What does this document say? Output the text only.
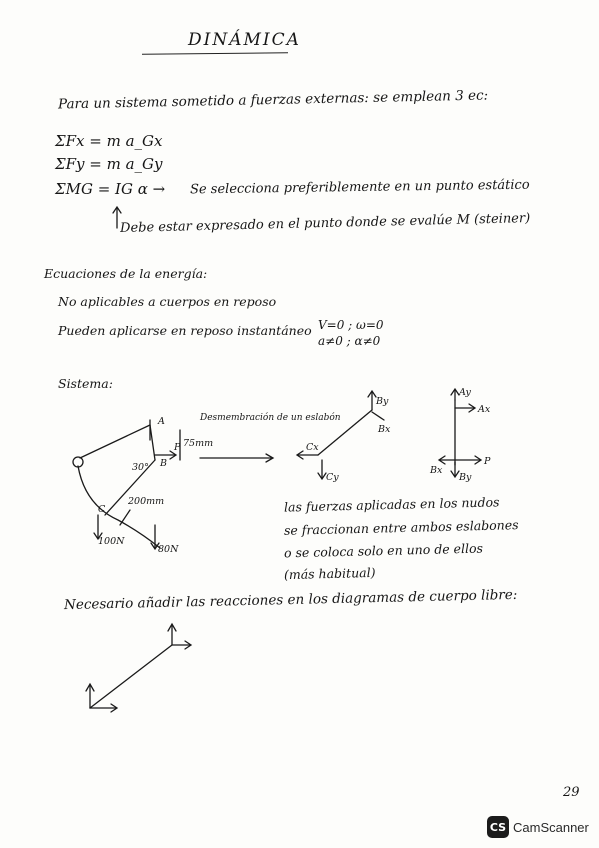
DINÁMICA
Para un sistema sometido a fuerzas externas: se emplean 3 ec:
ΣFx = m a_Gx
ΣFy = m a_Gy
ΣMG = IG α → Se selecciona preferiblemente en un punto estático
Debe estar expresado en el punto donde se evalúe M (steiner)
Ecuaciones de la energía:
No aplicables a cuerpos en reposo
Pueden aplicarse en reposo instantáneo V=0 ; ω=0
a≠0 ; α≠0
Sistema:
A
B
C
P
30°
75mm
200mm
100N
80N
Desmembración de un eslabón
By
Bx
Cx
Cy
Ay
Ax
Bx
By
P
las fuerzas aplicadas en los nudos
se fraccionan entre ambos eslabones
o se coloca solo en uno de ellos
(más habitual)
Necesario añadir las reacciones en los diagramas de cuerpo libre:
29
CS CamScanner
